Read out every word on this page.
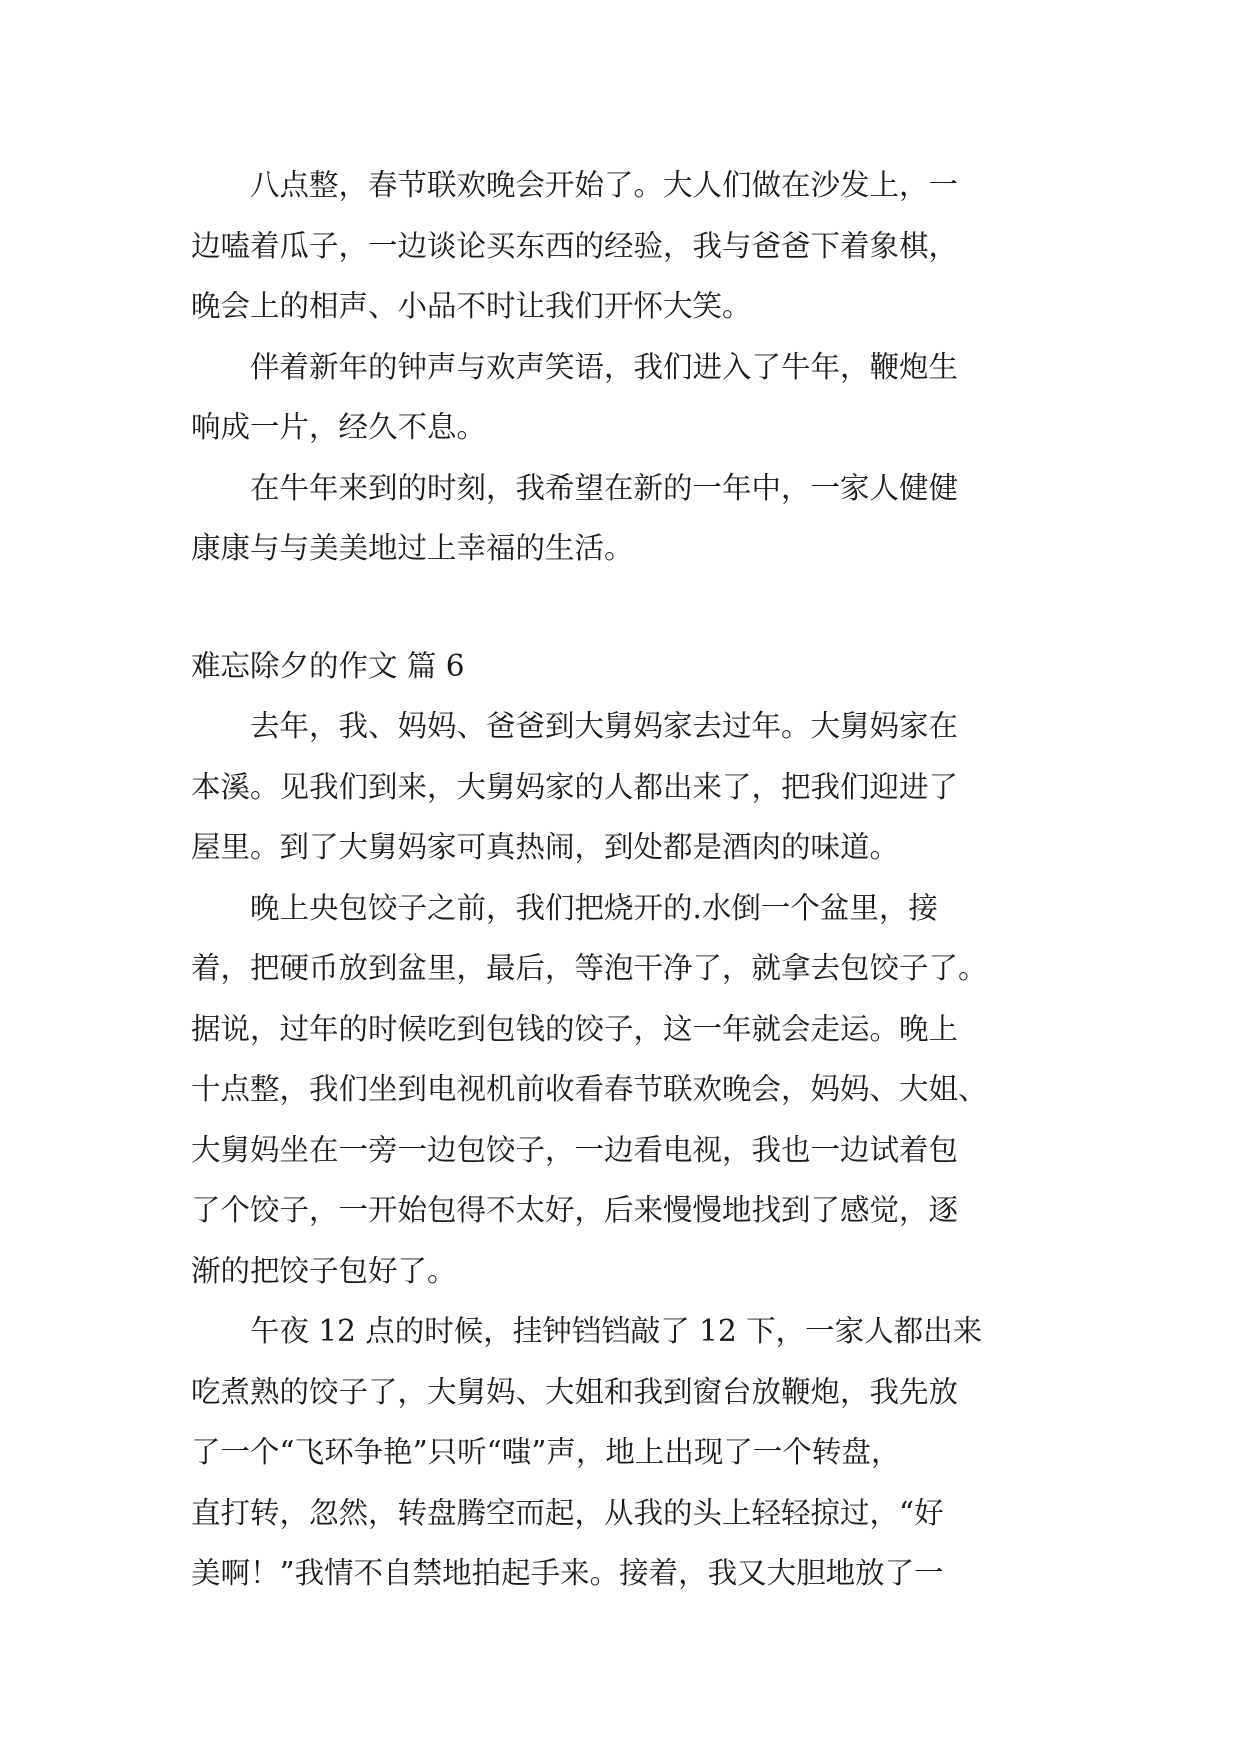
八点整，春节联欢晚会开始了。大人们做在沙发上，一
边嗑着瓜子，一边谈论买东西的经验，我与爸爸下着象棋，
晚会上的相声、小品不时让我们开怀大笑。
伴着新年的钟声与欢声笑语，我们进入了牛年，鞭炮生
响成一片，经久不息。
在牛年来到的时刻，我希望在新的一年中，一家人健健
康康与与美美地过上幸福的生活。
难忘除夕的作文 篇 6
去年，我、妈妈、爸爸到大舅妈家去过年。大舅妈家在
本溪。见我们到来，大舅妈家的人都出来了，把我们迎进了
屋里。到了大舅妈家可真热闹，到处都是酒肉的味道。
晚上央包饺子之前，我们把烧开的.水倒一个盆里，接
着，把硬币放到盆里，最后，等泡干净了，就拿去包饺子了。
据说，过年的时候吃到包钱的饺子，这一年就会走运。晚上
十点整，我们坐到电视机前收看春节联欢晚会，妈妈、大姐、
大舅妈坐在一旁一边包饺子，一边看电视，我也一边试着包
了个饺子，一开始包得不太好，后来慢慢地找到了感觉，逐
渐的把饺子包好了。
午夜 12 点的时候，挂钟铛铛敲了 12 下，一家人都出来
吃煮熟的饺子了，大舅妈、大姐和我到窗台放鞭炮，我先放
了一个“飞环争艳”只听“嗤”声，地上出现了一个转盘，
直打转，忽然，转盘腾空而起，从我的头上轻轻掠过，“好
美啊！”我情不自禁地拍起手来。接着，我又大胆地放了一
